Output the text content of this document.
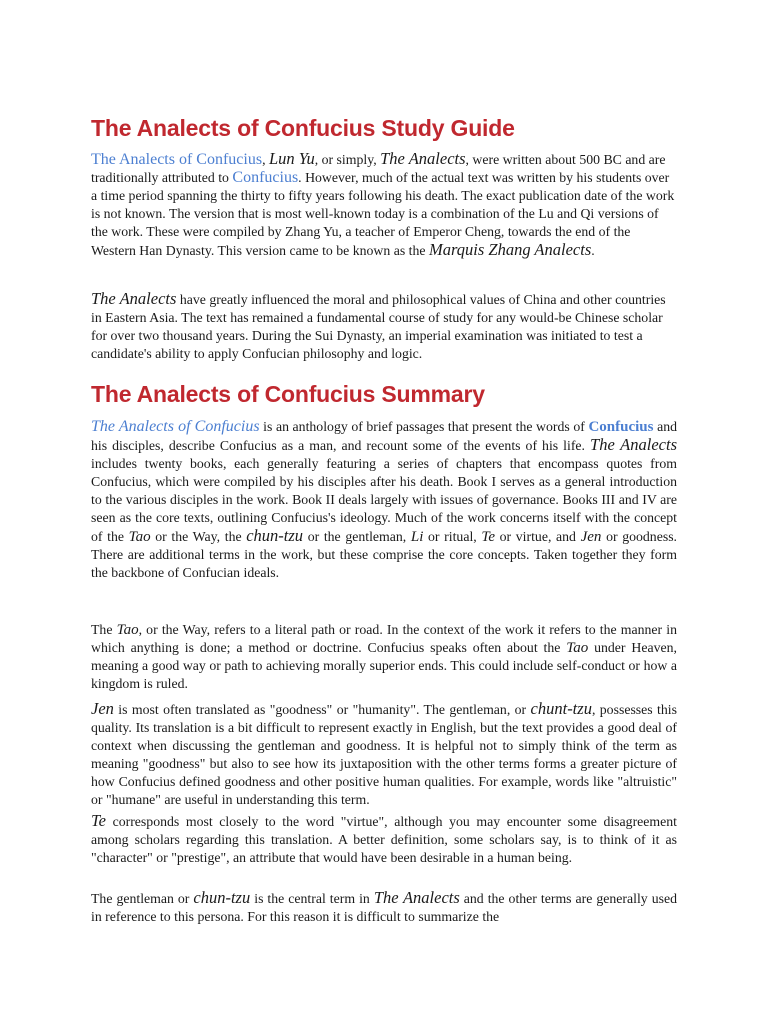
The Analects of Confucius Study Guide

The Analects of Confucius, Lun Yu, or simply, The Analects, were written about 500 BC and are traditionally attributed to Confucius. However, much of the actual text was written by his students over a time period spanning the thirty to fifty years following his death. The exact publication date of the work is not known. The version that is most well-known today is a combination of the Lu and Qi versions of the work. These were compiled by Zhang Yu, a teacher of Emperor Cheng, towards the end of the Western Han Dynasty. This version came to be known as the Marquis Zhang Analects.

The Analects have greatly influenced the moral and philosophical values of China and other countries in Eastern Asia. The text has remained a fundamental course of study for any would-be Chinese scholar for over two thousand years. During the Sui Dynasty, an imperial examination was initiated to test a candidate's ability to apply Confucian philosophy and logic.

The Analects of Confucius Summary

The Analects of Confucius is an anthology of brief passages that present the words of Confucius and his disciples, describe Confucius as a man, and recount some of the events of his life. The Analects includes twenty books, each generally featuring a series of chapters that encompass quotes from Confucius, which were compiled by his disciples after his death. Book I serves as a general introduction to the various disciples in the work. Book II deals largely with issues of governance. Books III and IV are seen as the core texts, outlining Confucius's ideology. Much of the work concerns itself with the concept of the Tao or the Way, the chun-tzu or the gentleman, Li or ritual, Te or virtue, and Jen or goodness. There are additional terms in the work, but these comprise the core concepts. Taken together they form the backbone of Confucian ideals.

The Tao, or the Way, refers to a literal path or road. In the context of the work it refers to the manner in which anything is done; a method or doctrine. Confucius speaks often about the Tao under Heaven, meaning a good way or path to achieving morally superior ends. This could include self-conduct or how a kingdom is ruled.

Jen is most often translated as "goodness" or "humanity". The gentleman, or chunt-tzu, possesses this quality. Its translation is a bit difficult to represent exactly in English, but the text provides a good deal of context when discussing the gentleman and goodness. It is helpful not to simply think of the term as meaning "goodness" but also to see how its juxtaposition with the other terms forms a greater picture of how Confucius defined goodness and other positive human qualities. For example, words like "altruistic" or "humane" are useful in understanding this term.

Te corresponds most closely to the word "virtue", although you may encounter some disagreement among scholars regarding this translation. A better definition, some scholars say, is to think of it as "character" or "prestige", an attribute that would have been desirable in a human being.

The gentleman or chun-tzu is the central term in The Analects and the other terms are generally used in reference to this persona. For this reason it is difficult to summarize the
